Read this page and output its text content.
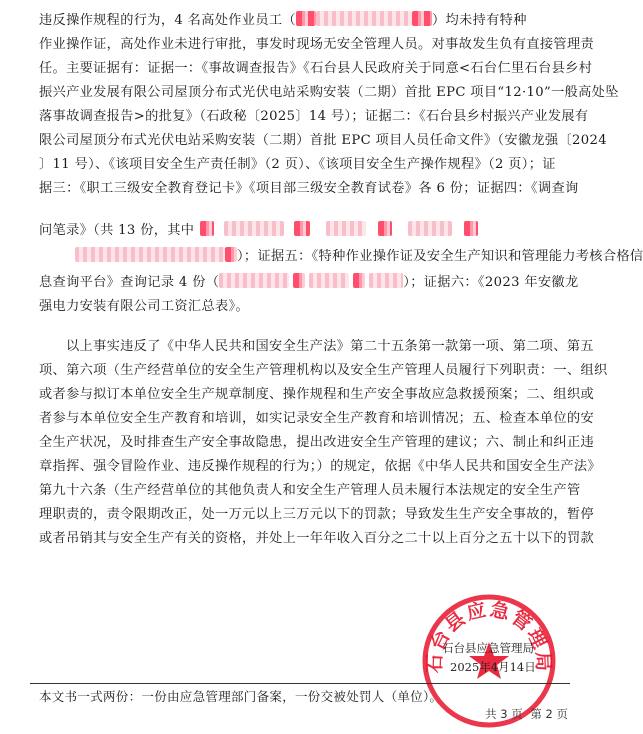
违反操作规程的行为，4 名高处作业员工（	）均未持有特种
作业操作证，高处作业未进行审批，事发时现场无安全管理人员。对事故发生负有直接管理责
任。主要证据有：证据一：《事故调查报告》《石台县人民政府关于同意<石台仁里石台县乡村
振兴产业发展有限公司屋顶分布式光伏电站采购安装（二期）首批 EPC 项目“12·10”一般高处坠
落事故调查报告>的批复》（石政秘〔2025〕14 号）；证据二：《石台县乡村振兴产业发展有
限公司屋顶分布式光伏电站采购安装（二期）首批 EPC 项目人员任命文件》（安徽龙强〔2024
〕11 号）、《该项目安全生产责任制》（2 页）、《该项目安全生产操作规程》（2 页）；证
据三：《职工三级安全教育登记卡》《项目部三级安全教育试卷》各 6 份；证据四：《调查询
问笔录》（共 13 份，其中
）；证据五：《特种作业操作证及安全生产知识和管理能力考核合格信
息查询平台》查询记录 4 份（	）；证据六：《2023 年安徽龙
强电力安装有限公司工资汇总表》。
以上事实违反了《中华人民共和国安全生产法》第二十五条第一款第一项、第二项、第五
项、第六项（生产经营单位的安全生产管理机构以及安全生产管理人员履行下列职责：一、组织
或者参与拟订本单位安全生产规章制度、操作规程和生产安全事故应急救援预案；二、组织或
者参与本单位安全生产教育和培训，如实记录安全生产教育和培训情况；五、检查本单位的安
全生产状况，及时排查生产安全事故隐患，提出改进安全生产管理的建议；六、制止和纠正违
章指挥、强令冒险作业、违反操作规程的行为；）的规定，依据《中华人民共和国安全生产法》
第九十六条（生产经营单位的其他负责人和安全生产管理人员未履行本法规定的安全生产管
理职责的，责令限期改正，处一万元以上三万元以下的罚款；导致发生生产安全事故的，暂停
或者吊销其与安全生产有关的资格，并处上一年年收入百分之二十以上百分之五十以下的罚款
石台县应急管理局
石台县应急管理局
2025年4月14日
本文书一式两份：一份由应急管理部门备案，一份交被处罚人（单位）。
共 3 页 第 2 页
